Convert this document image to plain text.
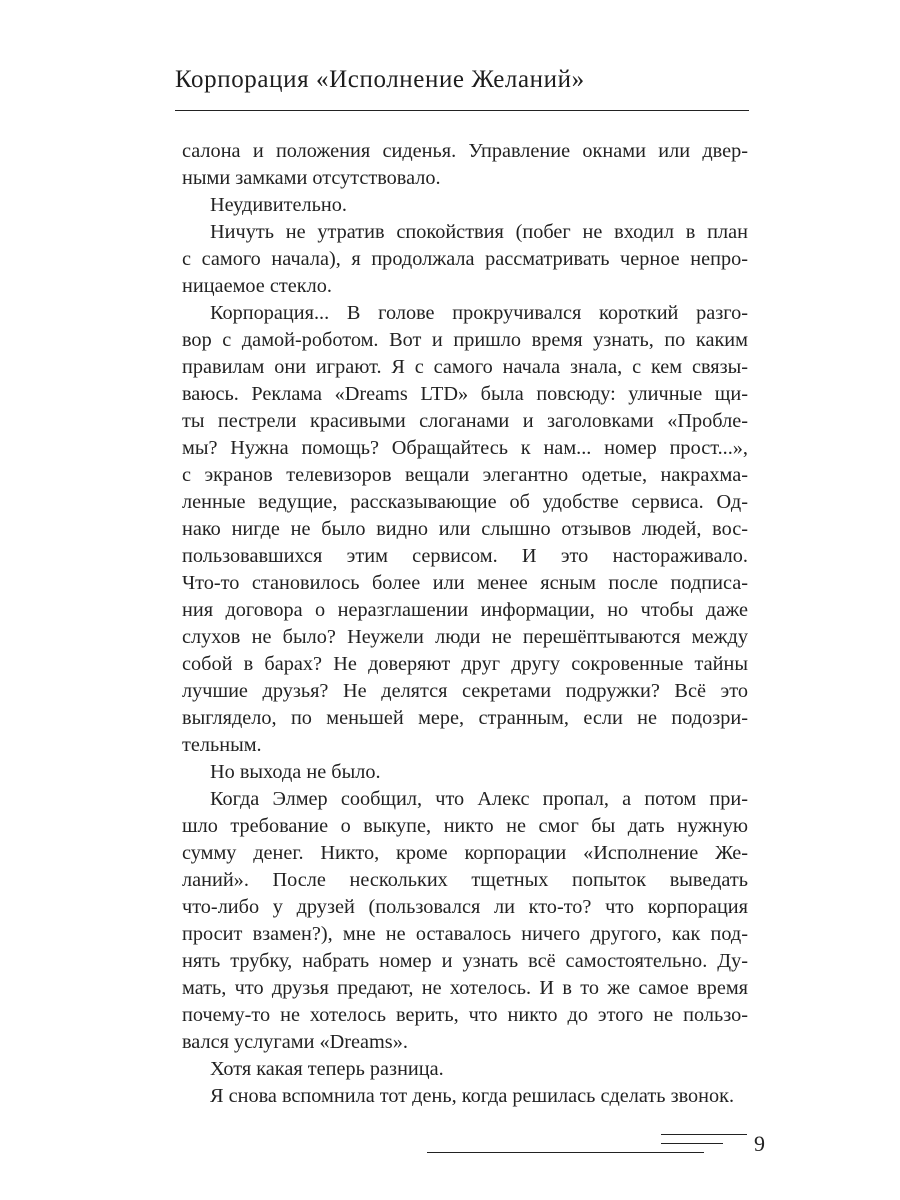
Корпорация «Исполнение Желаний»
салона и положения сиденья. Управление окнами или двер-
ными замками отсутствовало.
Неудивительно.
Ничуть не утратив спокойствия (побег не входил в план
с самого начала), я продолжала рассматривать черное непро-
ницаемое стекло.
Корпорация... В голове прокручивался короткий разго-
вор с дамой-роботом. Вот и пришло время узнать, по каким
правилам они играют. Я с самого начала знала, с кем связы-
ваюсь. Реклама «Dreams LTD» была повсюду: уличные щи-
ты пестрели красивыми слоганами и заголовками «Пробле-
мы? Нужна помощь? Обращайтесь к нам... номер прост...»,
с экранов телевизоров вещали элегантно одетые, накрахма-
ленные ведущие, рассказывающие об удобстве сервиса. Од-
нако нигде не было видно или слышно отзывов людей, вос-
пользовавшихся этим сервисом. И это настораживало.
Что-то становилось более или менее ясным после подписа-
ния договора о неразглашении информации, но чтобы даже
слухов не было? Неужели люди не перешёптываются между
собой в барах? Не доверяют друг другу сокровенные тайны
лучшие друзья? Не делятся секретами подружки? Всё это
выглядело, по меньшей мере, странным, если не подозри-
тельным.
Но выхода не было.
Когда Элмер сообщил, что Алекс пропал, а потом при-
шло требование о выкупе, никто не смог бы дать нужную
сумму денег. Никто, кроме корпорации «Исполнение Же-
ланий». После нескольких тщетных попыток выведать
что-либо у друзей (пользовался ли кто-то? что корпорация
просит взамен?), мне не оставалось ничего другого, как под-
нять трубку, набрать номер и узнать всё самостоятельно. Ду-
мать, что друзья предают, не хотелось. И в то же самое время
почему-то не хотелось верить, что никто до этого не пользо-
вался услугами «Dreams».
Хотя какая теперь разница.
Я снова вспомнила тот день, когда решилась сделать звонок.
9
